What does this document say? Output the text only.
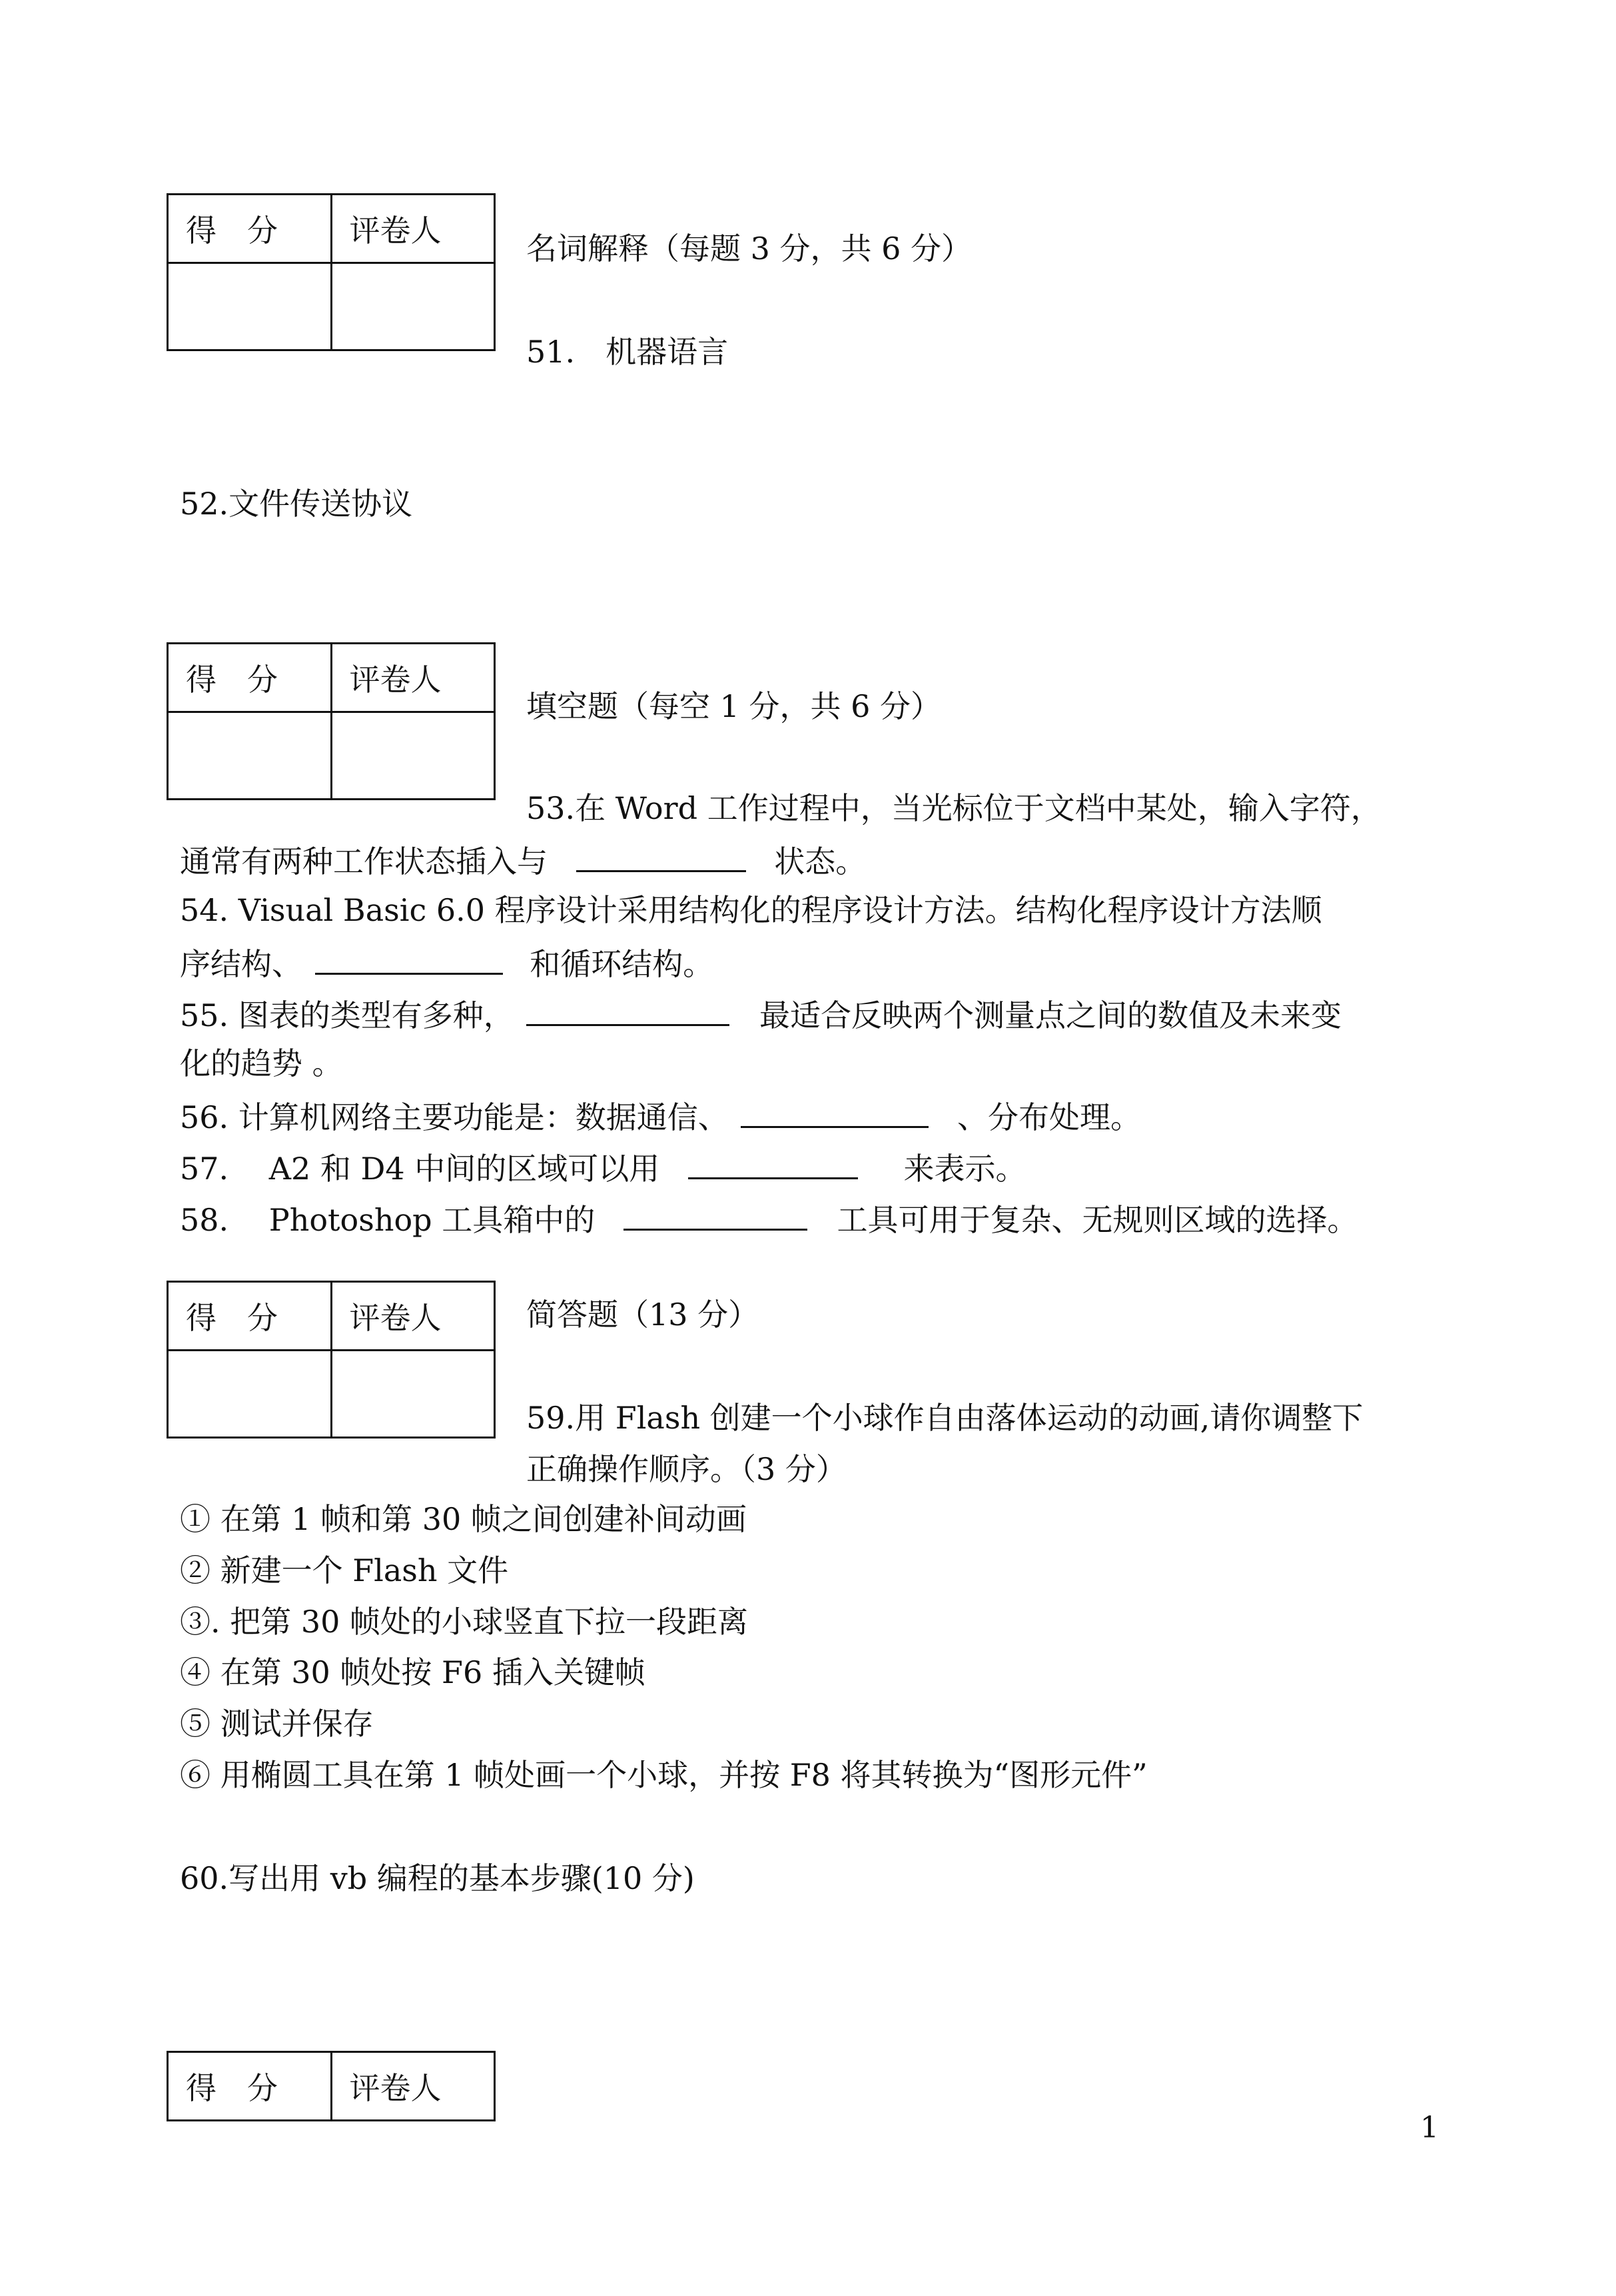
得　分	评卷人
		名词解释（每题 3 分，共 6 分）
51.　机器语言
52.文件传送协议
得　分	评卷人

填空题（每空 1 分，共 6 分）
53.在 Word 工作过程中，当光标位于文档中某处，输入字符，
通常有两种工作状态插入与	状态。
54. Visual Basic 6.0 程序设计采用结构化的程序设计方法。结构化程序设计方法顺
序结构、	和循环结构。
55. 图表的类型有多种，	最适合反映两个测量点之间的数值及未来变
化的趋势 。
56. 计算机网络主要功能是：数据通信、	、分布处理。
57.　 A2 和 D4 中间的区域可以用	来表示。
58.　 Photoshop 工具箱中的	工具可用于复杂、无规则区域的选择。
得　分	评卷人
		简答题（13 分）
59.用 Flash 创建一个小球作自由落体运动的动画,请你调整下
正确操作顺序。（3 分）
① 在第 1 帧和第 30 帧之间创建补间动画
② 新建一个 Flash 文件
③. 把第 30 帧处的小球竖直下拉一段距离
④ 在第 30 帧处按 F6 插入关键帧
⑤ 测试并保存
⑥ 用椭圆工具在第 1 帧处画一个小球，并按 F8 将其转换为“图形元件”
60.写出用 vb 编程的基本步骤(10 分)
得　分	评卷人
1
